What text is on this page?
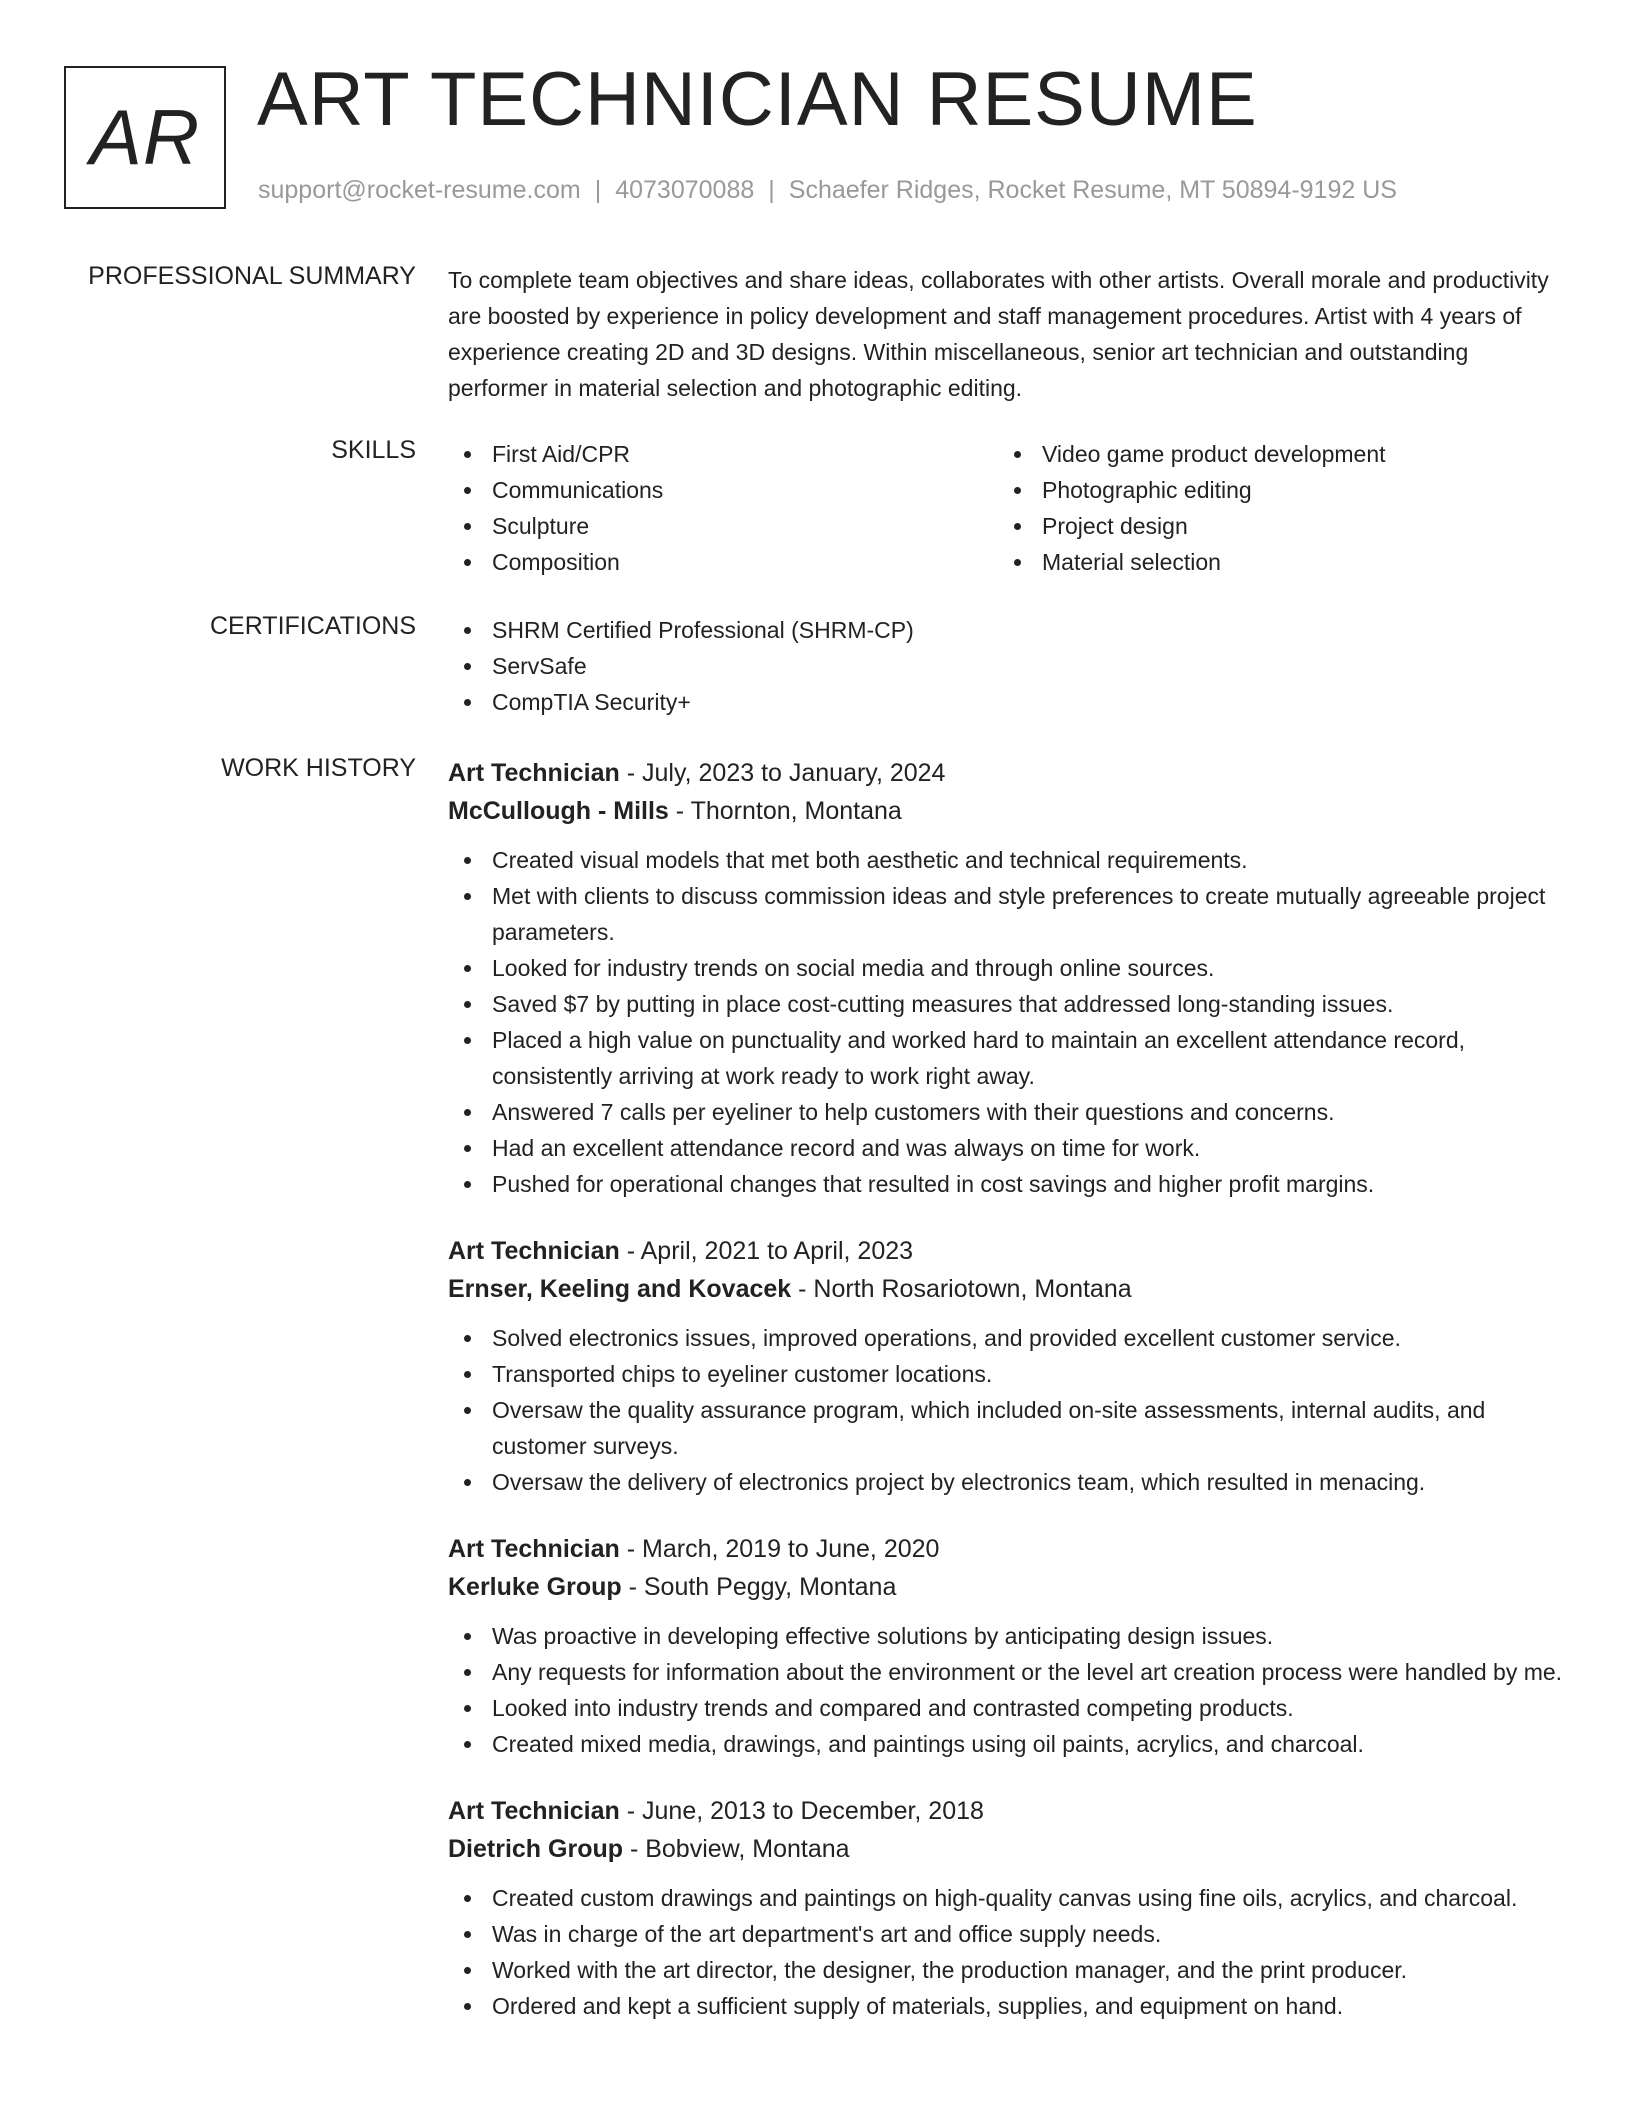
AR ART TECHNICIAN RESUME
support@rocket-resume.com | 4073070088 | Schaefer Ridges, Rocket Resume, MT 50894-9192 US
PROFESSIONAL SUMMARY To complete team objectives and share ideas, collaborates with other artists. Overall morale and productivity are boosted by experience in policy development and staff management procedures. Artist with 4 years of experience creating 2D and 3D designs. Within miscellaneous, senior art technician and outstanding performer in material selection and photographic editing.

SKILLS	First Aid/CPR
Communications
Sculpture
Composition
Video game product development
Photographic editing
Project design
Material selection
CERTIFICATIONS	SHRM Certified Professional (SHRM-CP)
ServSafe
CompTIA Security+
WORK HISTORY Art Technician - July, 2023 to January, 2024
McCullough - Mills - Thornton, Montana
Created visual models that met both aesthetic and technical requirements.
Met with clients to discuss commission ideas and style preferences to create mutually agreeable project parameters.
Looked for industry trends on social media and through online sources.
Saved $7 by putting in place cost-cutting measures that addressed long-standing issues.
Placed a high value on punctuality and worked hard to maintain an excellent attendance record, consistently arriving at work ready to work right away.
Answered 7 calls per eyeliner to help customers with their questions and concerns.
Had an excellent attendance record and was always on time for work.
Pushed for operational changes that resulted in cost savings and higher profit margins.
Art Technician - April, 2021 to April, 2023
Ernser, Keeling and Kovacek - North Rosariotown, Montana
Solved electronics issues, improved operations, and provided excellent customer service.
Transported chips to eyeliner customer locations.
Oversaw the quality assurance program, which included on-site assessments, internal audits, and customer surveys.
Oversaw the delivery of electronics project by electronics team, which resulted in menacing.
Art Technician - March, 2019 to June, 2020
Kerluke Group - South Peggy, Montana
Was proactive in developing effective solutions by anticipating design issues.
Any requests for information about the environment or the level art creation process were handled by me.
Looked into industry trends and compared and contrasted competing products.
Created mixed media, drawings, and paintings using oil paints, acrylics, and charcoal.
Art Technician - June, 2013 to December, 2018
Dietrich Group - Bobview, Montana
Created custom drawings and paintings on high-quality canvas using fine oils, acrylics, and charcoal.
Was in charge of the art department's art and office supply needs.
Worked with the art director, the designer, the production manager, and the print producer.
Ordered and kept a sufficient supply of materials, supplies, and equipment on hand.
